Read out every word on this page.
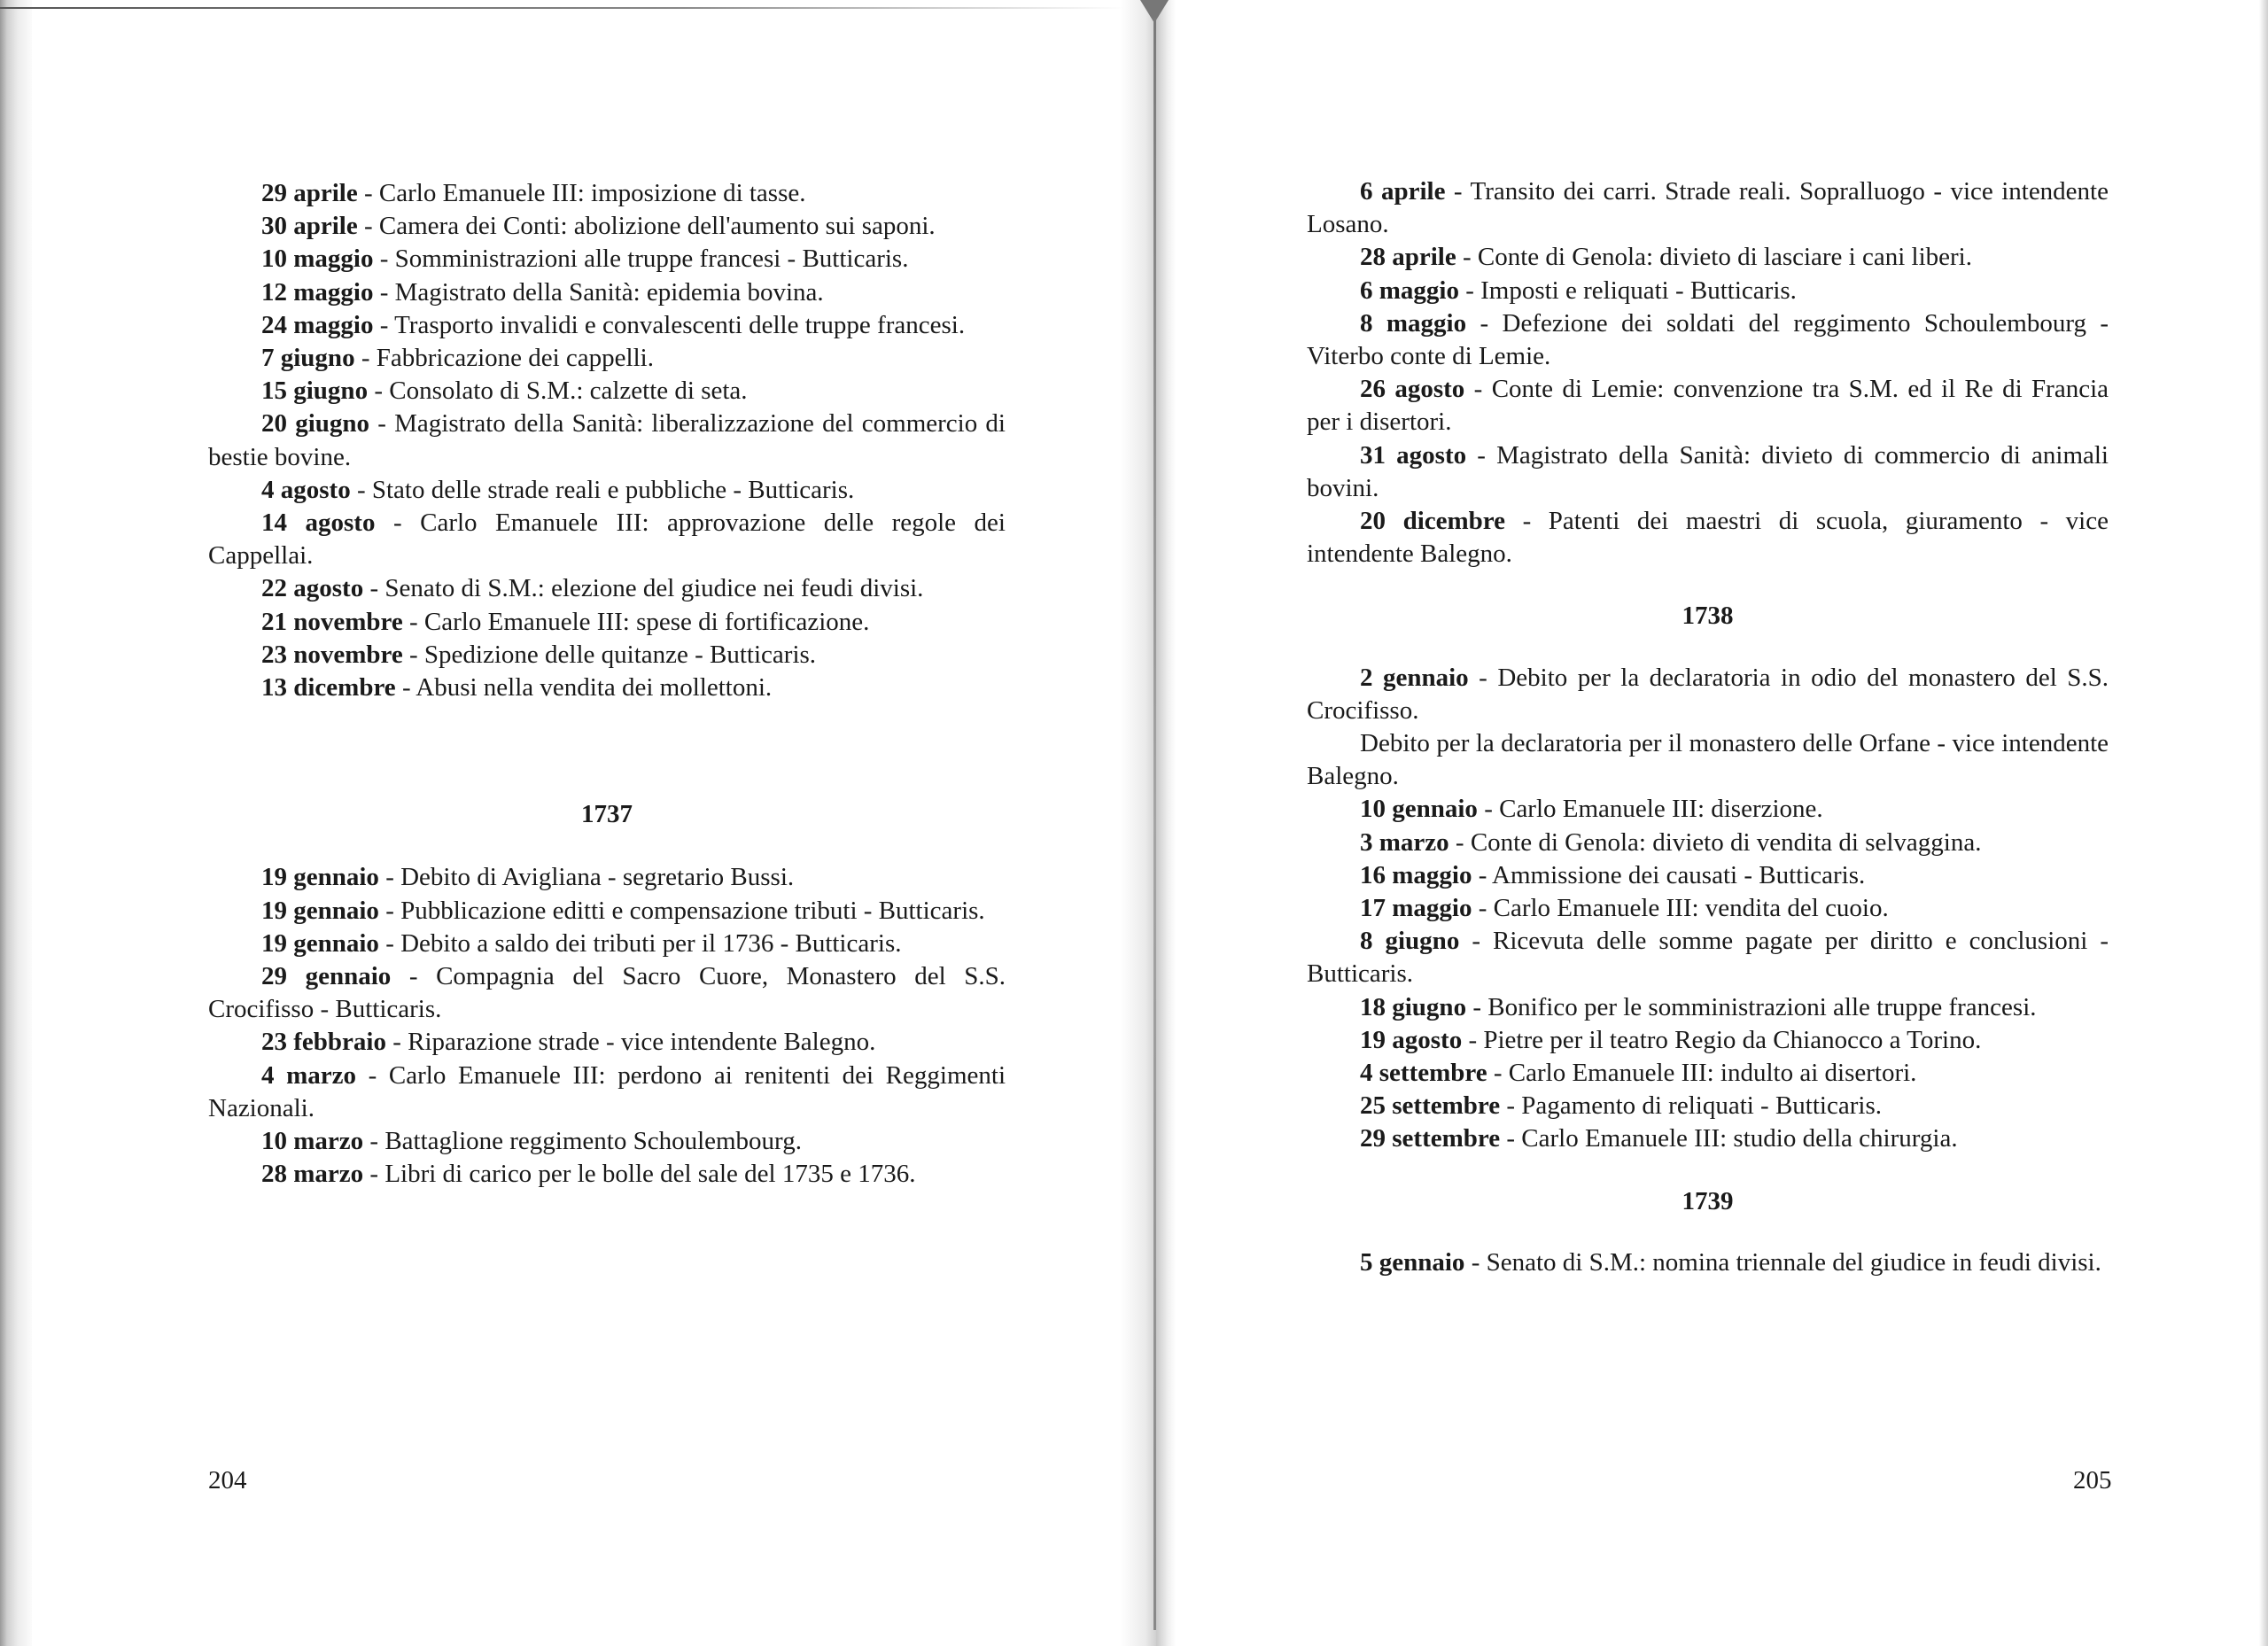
29 aprile - Carlo Emanuele III: imposizione di tasse.

30 aprile - Camera dei Conti: abolizione dell'aumento sui saponi.

10 maggio - Somministrazioni alle truppe francesi - Butticaris.

12 maggio - Magistrato della Sanità: epidemia bovina.

24 maggio - Trasporto invalidi e convalescenti delle truppe francesi.

7 giugno - Fabbricazione dei cappelli.

15 giugno - Consolato di S.M.: calzette di seta.

20 giugno - Magistrato della Sanità: liberalizzazione del commercio di bestie bovine.

4 agosto - Stato delle strade reali e pubbliche - Butticaris.

14 agosto - Carlo Emanuele III: approvazione delle regole dei Cappellai.

22 agosto - Senato di S.M.: elezione del giudice nei feudi divisi.

21 novembre - Carlo Emanuele III: spese di fortificazione.

23 novembre - Spedizione delle quitanze - Butticaris.

13 dicembre - Abusi nella vendita dei mollettoni.

1737

19 gennaio - Debito di Avigliana - segretario Bussi.

19 gennaio - Pubblicazione editti e compensazione tributi - Butticaris.

19 gennaio - Debito a saldo dei tributi per il 1736 - Butticaris.

29 gennaio - Compagnia del Sacro Cuore, Monastero del S.S. Crocifisso - Butticaris.

23 febbraio - Riparazione strade - vice intendente Balegno.

4 marzo - Carlo Emanuele III: perdono ai renitenti dei Reggimenti Nazionali.

10 marzo - Battaglione reggimento Schoulembourg.

28 marzo - Libri di carico per le bolle del sale del 1735 e 1736.

204

6 aprile - Transito dei carri. Strade reali. Sopralluogo - vice intendente Losano.

28 aprile - Conte di Genola: divieto di lasciare i cani liberi.

6 maggio - Imposti e reliquati - Butticaris.

8 maggio - Defezione dei soldati del reggimento Schoulembourg - Viterbo conte di Lemie.

26 agosto - Conte di Lemie: convenzione tra S.M. ed il Re di Francia per i disertori.

31 agosto - Magistrato della Sanità: divieto di commercio di animali bovini.

20 dicembre - Patenti dei maestri di scuola, giuramento - vice intendente Balegno.

1738

2 gennaio - Debito per la declaratoria in odio del monastero del S.S. Crocifisso.

Debito per la declaratoria per il monastero delle Orfane - vice intendente Balegno.

10 gennaio - Carlo Emanuele III: diserzione.

3 marzo - Conte di Genola: divieto di vendita di selvaggina.

16 maggio - Ammissione dei causati - Butticaris.

17 maggio - Carlo Emanuele III: vendita del cuoio.

8 giugno - Ricevuta delle somme pagate per diritto e conclusioni - Butticaris.

18 giugno - Bonifico per le somministrazioni alle truppe francesi.

19 agosto - Pietre per il teatro Regio da Chianocco a Torino.

4 settembre - Carlo Emanuele III: indulto ai disertori.

25 settembre - Pagamento di reliquati - Butticaris.

29 settembre - Carlo Emanuele III: studio della chirurgia.

1739

5 gennaio - Senato di S.M.: nomina triennale del giudice in feudi divisi.

205
